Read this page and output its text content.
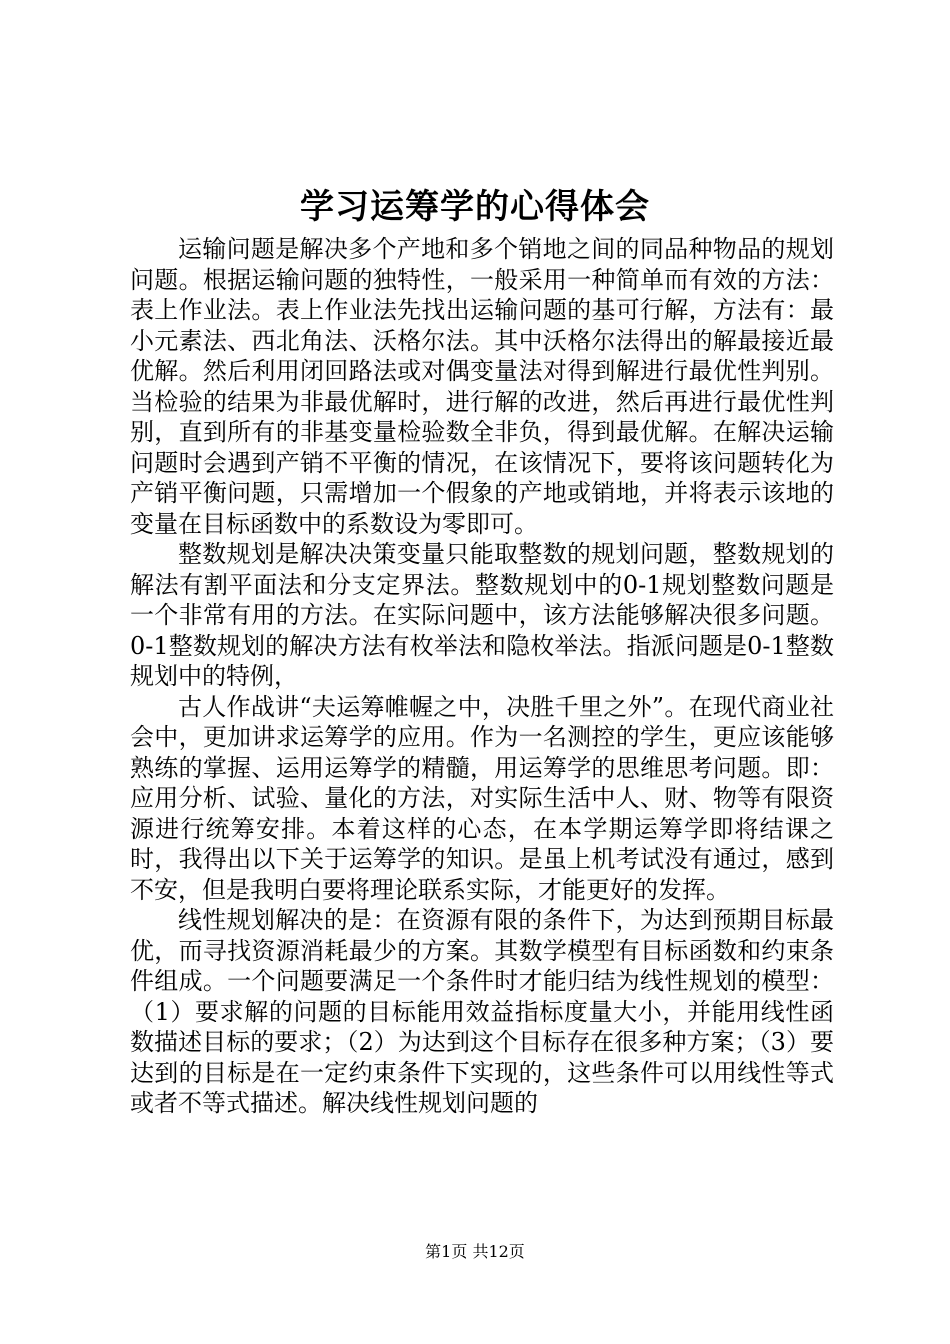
学习运筹学的心得体会

运输问题是解决多个产地和多个销地之间的同品种物品的规划问题。根据运输问题的独特性，一般采用一种简单而有效的方法：表上作业法。表上作业法先找出运输问题的基可行解，方法有：最小元素法、西北角法、沃格尔法。其中沃格尔法得出的解最接近最优解。然后利用闭回路法或对偶变量法对得到解进行最优性判别。当检验的结果为非最优解时，进行解的改进，然后再进行最优性判别，直到所有的非基变量检验数全非负，得到最优解。在解决运输问题时会遇到产销不平衡的情况，在该情况下，要将该问题转化为产销平衡问题，只需增加一个假象的产地或销地，并将表示该地的变量在目标函数中的系数设为零即可。

整数规划是解决决策变量只能取整数的规划问题，整数规划的解法有割平面法和分支定界法。整数规划中的0-1规划整数问题是一个非常有用的方法。在实际问题中，该方法能够解决很多问题。0-1整数规划的解决方法有枚举法和隐枚举法。指派问题是0-1整数规划中的特例，

古人作战讲“夫运筹帷幄之中，决胜千里之外”。在现代商业社会中，更加讲求运筹学的应用。作为一名测控的学生，更应该能够熟练的掌握、运用运筹学的精髓，用运筹学的思维思考问题。即：应用分析、试验、量化的方法，对实际生活中人、财、物等有限资源进行统筹安排。本着这样的心态，在本学期运筹学即将结课之时，我得出以下关于运筹学的知识。是虽上机考试没有通过，感到不安，但是我明白要将理论联系实际，才能更好的发挥。

线性规划解决的是：在资源有限的条件下，为达到预期目标最优，而寻找资源消耗最少的方案。其数学模型有目标函数和约束条件组成。一个问题要满足一个条件时才能归结为线性规划的模型：（1）要求解的问题的目标能用效益指标度量大小，并能用线性函数描述目标的要求；（2）为达到这个目标存在很多种方案；（3）要达到的目标是在一定约束条件下实现的，这些条件可以用线性等式或者不等式描述。解决线性规划问题的

第1页 共12页
